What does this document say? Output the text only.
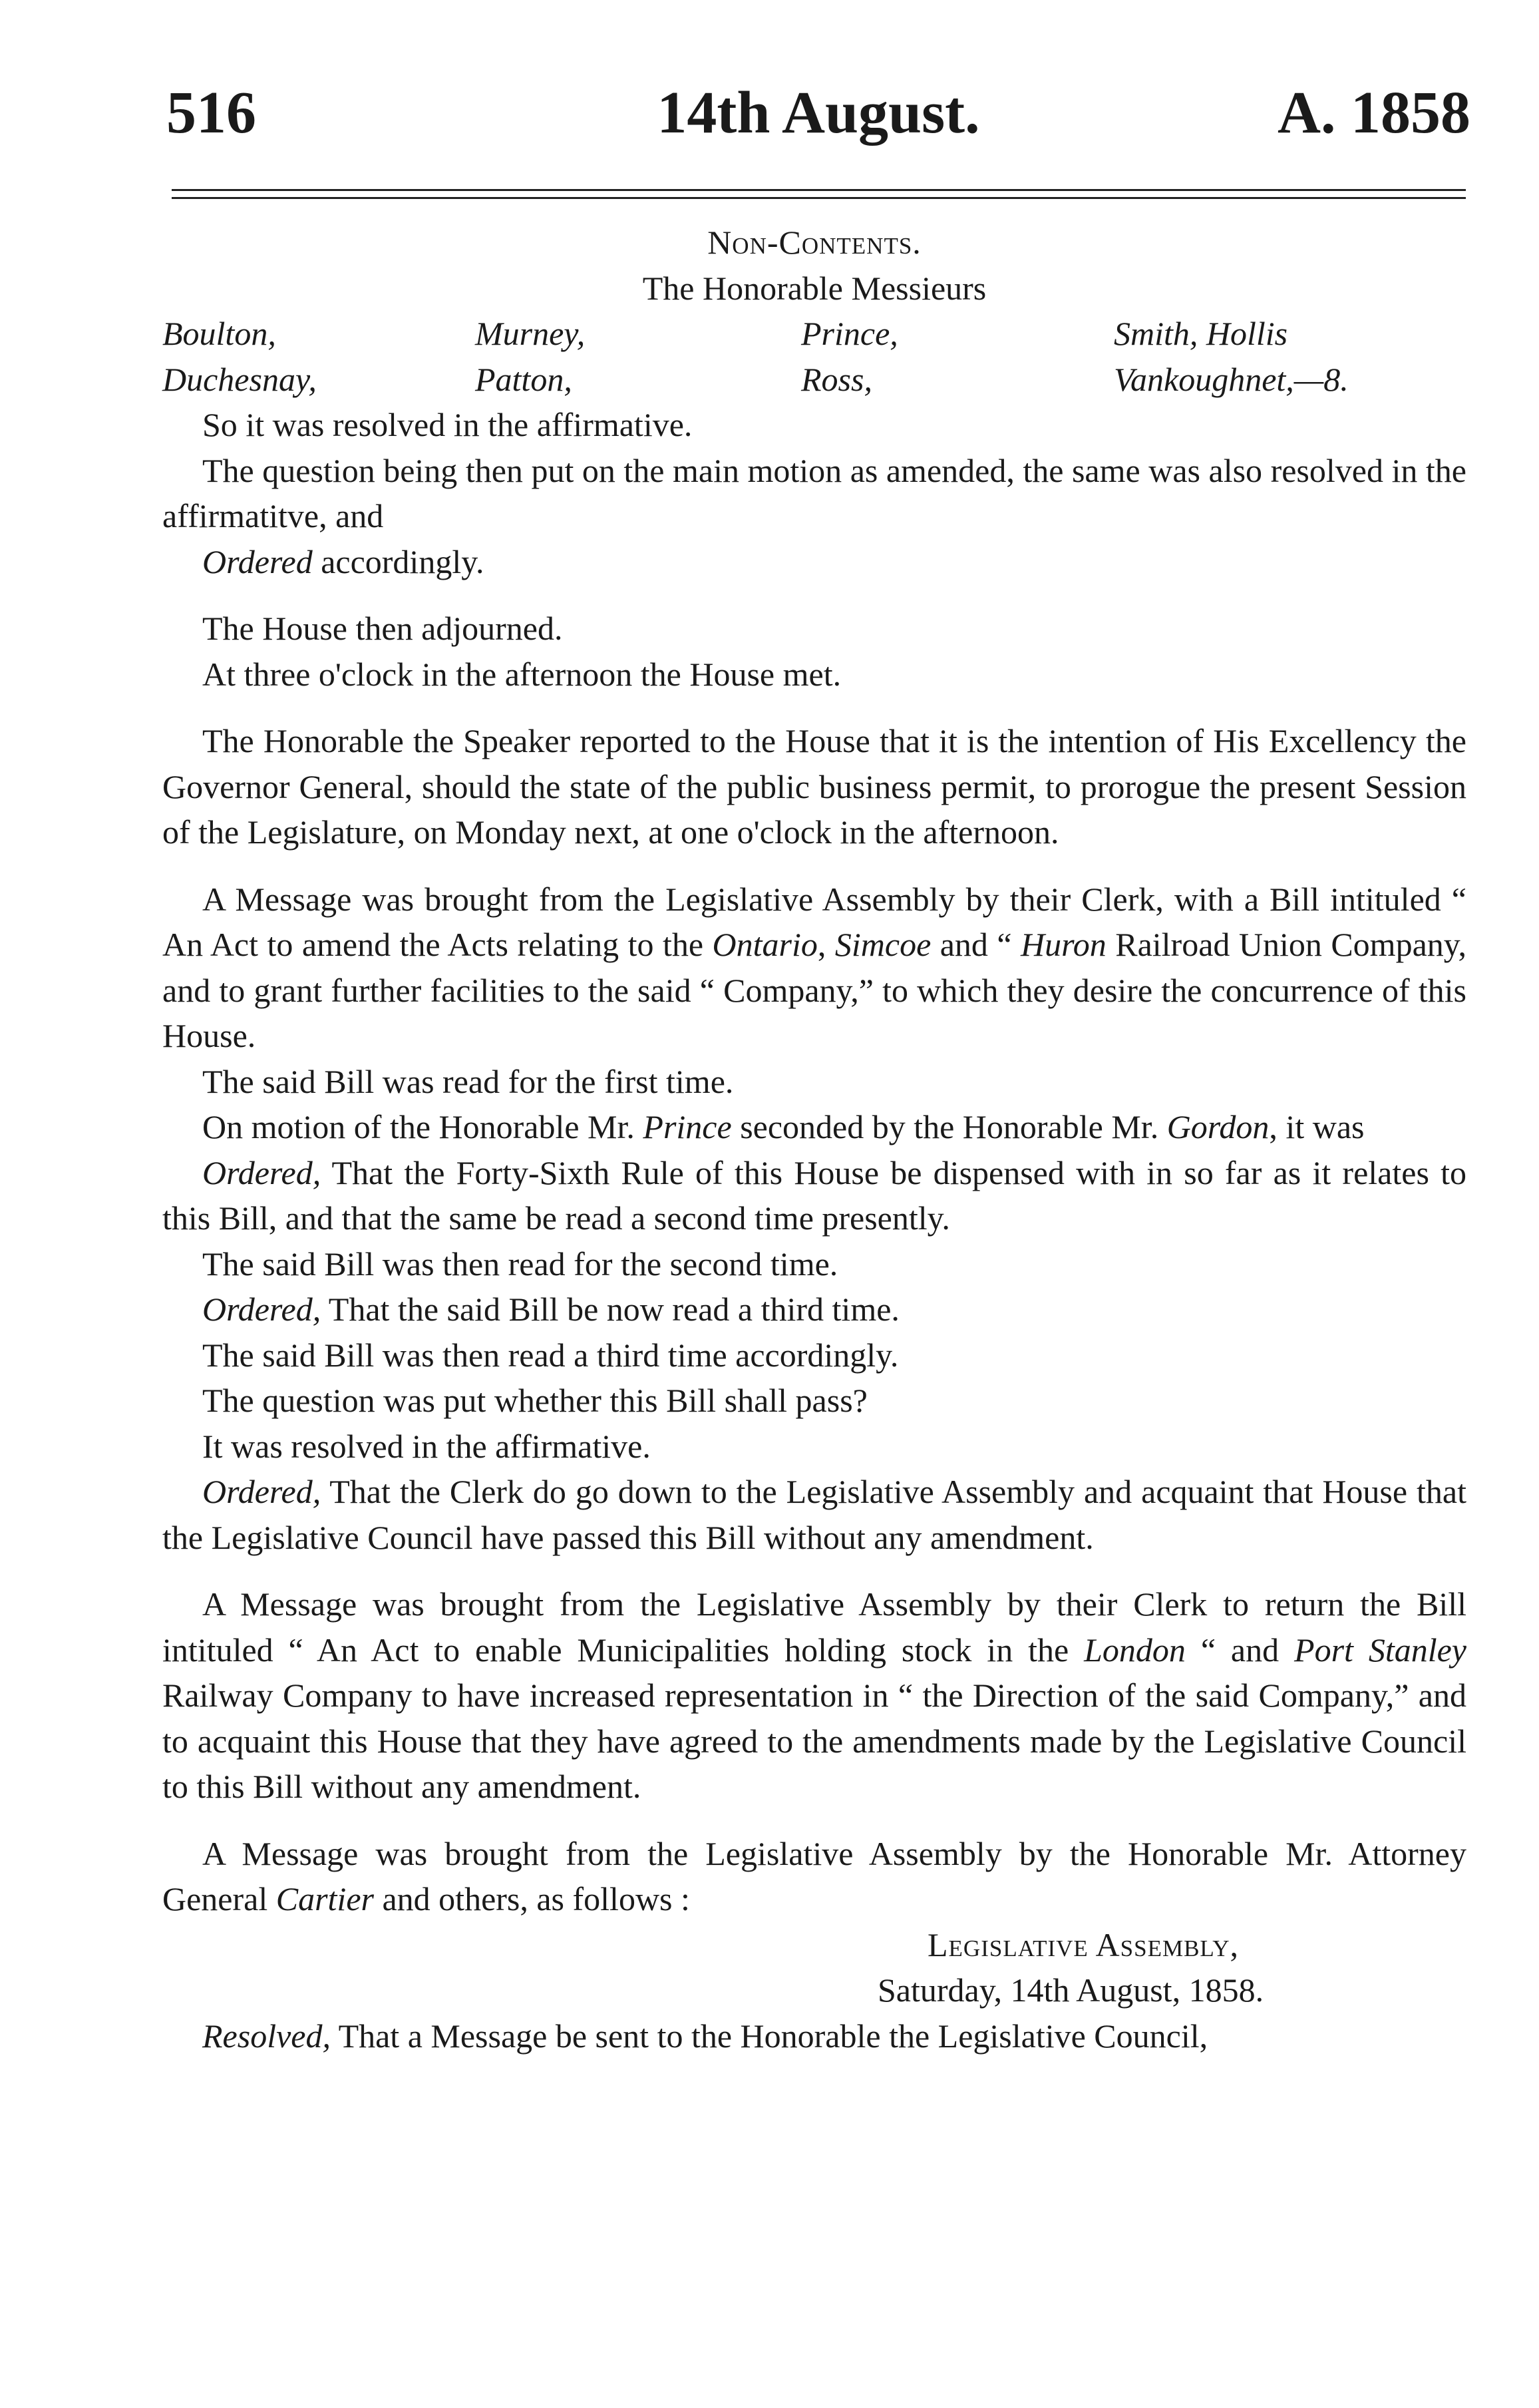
516	14th August.	A. 1858
Non-Contents.
The Honorable Messieurs
Boulton,	Murney,	Prince,	Smith, Hollis
Duchesnay,	Patton,	Ross,	Vankoughnet,—8.

So it was resolved in the affirmative.

The question being then put on the main motion as amended, the same was also resolved in the affirmatitve, and

Ordered accordingly.

The House then adjourned.

At three o'clock in the afternoon the House met.

The Honorable the Speaker reported to the House that it is the intention of His Excellency the Governor General, should the state of the public business permit, to prorogue the present Session of the Legislature, on Monday next, at one o'clock in the afternoon.

A Message was brought from the Legislative Assembly by their Clerk, with a Bill intituled “ An Act to amend the Acts relating to the Ontario, Simcoe and “ Huron Railroad Union Company, and to grant further facilities to the said “ Company,” to which they desire the concurrence of this House.

The said Bill was read for the first time.

On motion of the Honorable Mr. Prince seconded by the Honorable Mr. Gordon, it was

Ordered, That the Forty-Sixth Rule of this House be dispensed with in so far as it relates to this Bill, and that the same be read a second time presently.

The said Bill was then read for the second time.

Ordered, That the said Bill be now read a third time.

The said Bill was then read a third time accordingly.

The question was put whether this Bill shall pass?

It was resolved in the affirmative.

Ordered, That the Clerk do go down to the Legislative Assembly and acquaint that House that the Legislative Council have passed this Bill without any amendment.

A Message was brought from the Legislative Assembly by their Clerk to return the Bill intituled “ An Act to enable Municipalities holding stock in the London “ and Port Stanley Railway Company to have increased representation in “ the Direction of the said Company,” and to acquaint this House that they have agreed to the amendments made by the Legislative Council to this Bill without any amendment.

A Message was brought from the Legislative Assembly by the Honorable Mr. Attorney General Cartier and others, as follows :

Legislative Assembly,
Saturday, 14th August, 1858.

Resolved, That a Message be sent to the Honorable the Legislative Council,
